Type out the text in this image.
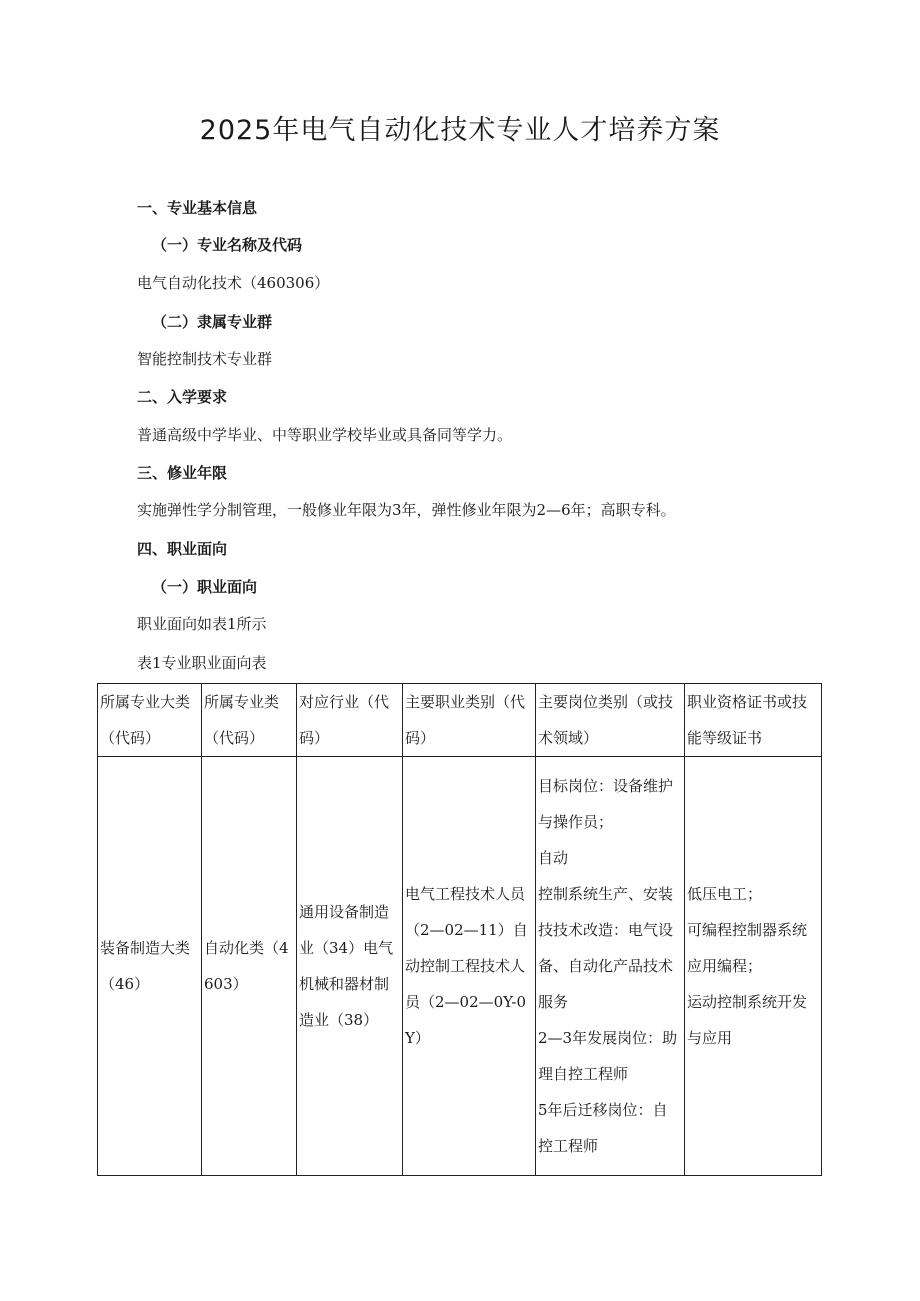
2025年电气自动化技术专业人才培养方案
一、专业基本信息
（一）专业名称及代码
电气自动化技术（460306）
（二）隶属专业群
智能控制技术专业群
二、入学要求
普通高级中学毕业、中等职业学校毕业或具备同等学力。
三、修业年限
实施弹性学分制管理，一般修业年限为3年，弹性修业年限为2—6年；高职专科。
四、职业面向
（一）职业面向
职业面向如表1所示
表1专业职业面向表
所属专业大类（代码）	所属专业类（代码）	对应行业（代码）	主要职业类别（代码）	主要岗位类别（或技术领域）	职业资格证书或技能等级证书
装备制造大类（46）	自动化类（4603）	通用设备制造业（34）电气机械和器材制造业（38）	电气工程技术人员（2—02—11）自动控制工程技术人员（2—02—0Y-0Y）	目标岗位：设备维护与操作员；
自动
控制系统生产、安装技技术改造：电气设备、自动化产品技术服务
2—3年发展岗位：助理自控工程师
5年后迁移岗位：自控工程师	低压电工；
可编程控制器系统应用编程；
运动控制系统开发与应用
